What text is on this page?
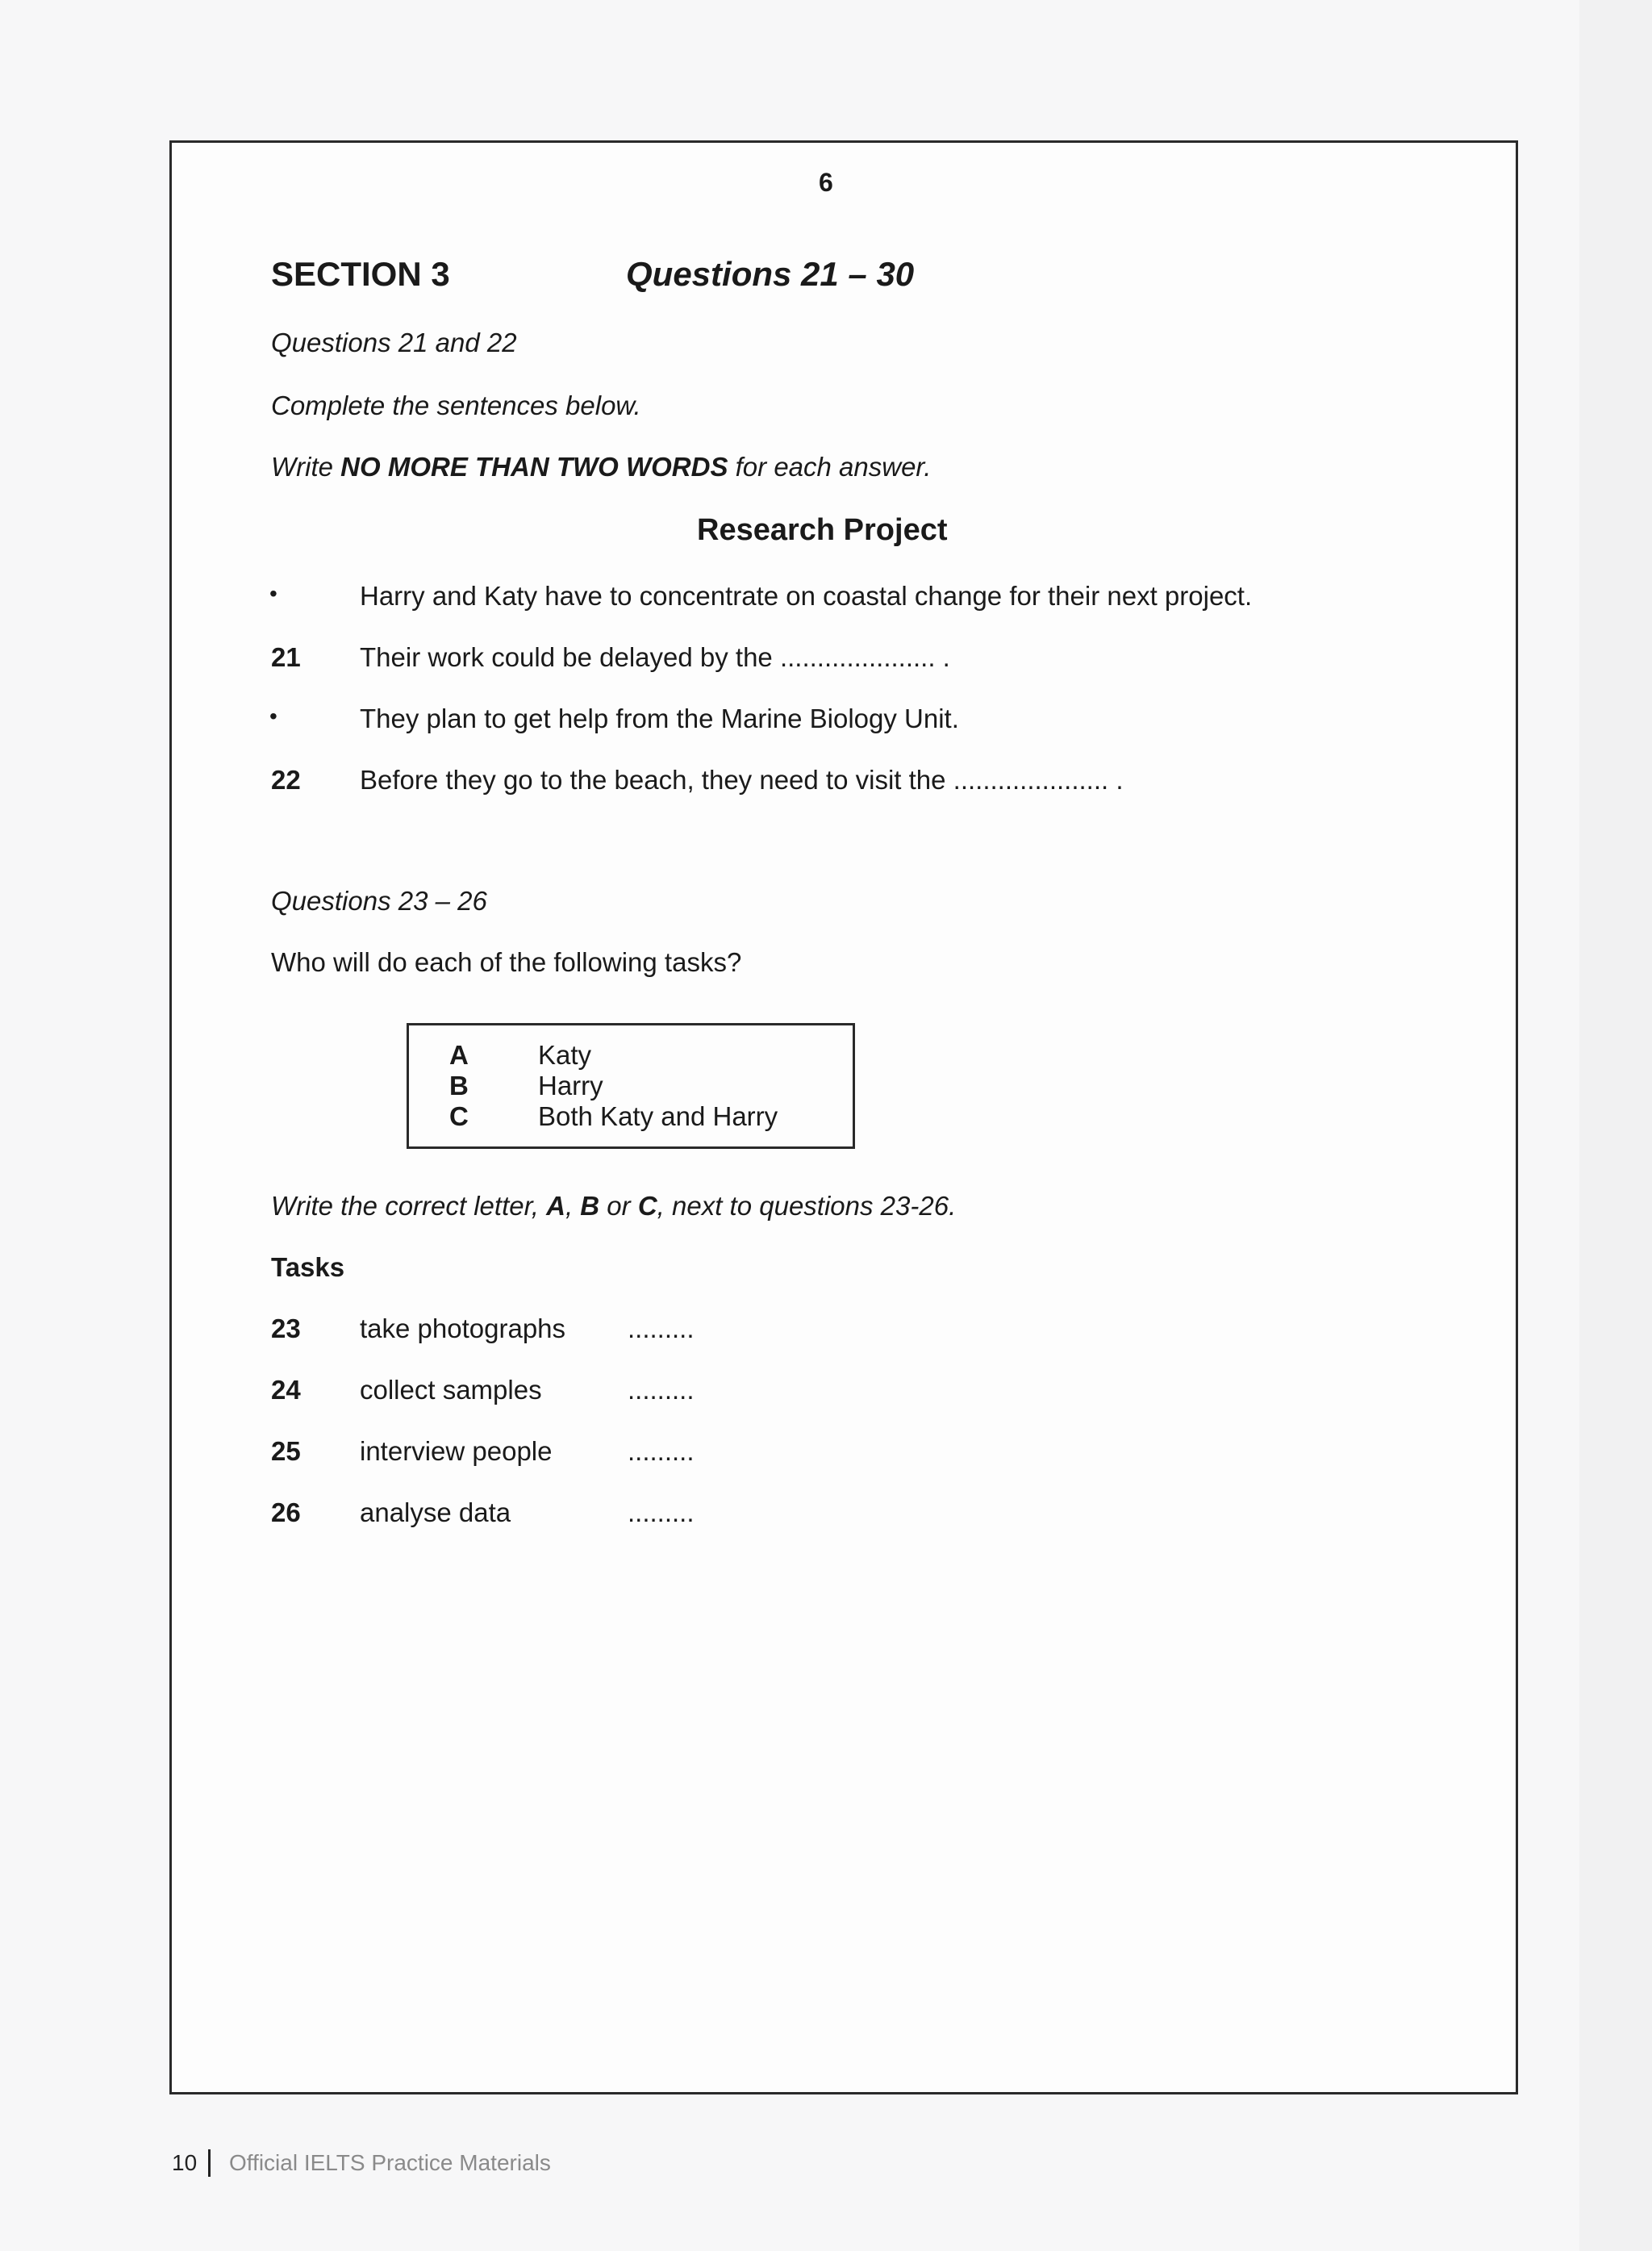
6
SECTION 3	Questions 21 – 30
Questions 21 and 22
Complete the sentences below.
Write NO MORE THAN TWO WORDS for each answer.
Research Project
•	Harry and Katy have to concentrate on coastal change for their next project.
21 Their work could be delayed by the ..................... .
•	They plan to get help from the Marine Biology Unit.
22 Before they go to the beach, they need to visit the ..................... .
Questions 23 – 26
Who will do each of the following tasks?
A	Katy
B	Harry
C	Both Katy and Harry
Write the correct letter, A, B or C, next to questions 23-26.
Tasks
23 take photographs .........
24 collect samples	.........
25 interview people	.........
26 analyse data	.........
10 Official IELTS Practice Materials
